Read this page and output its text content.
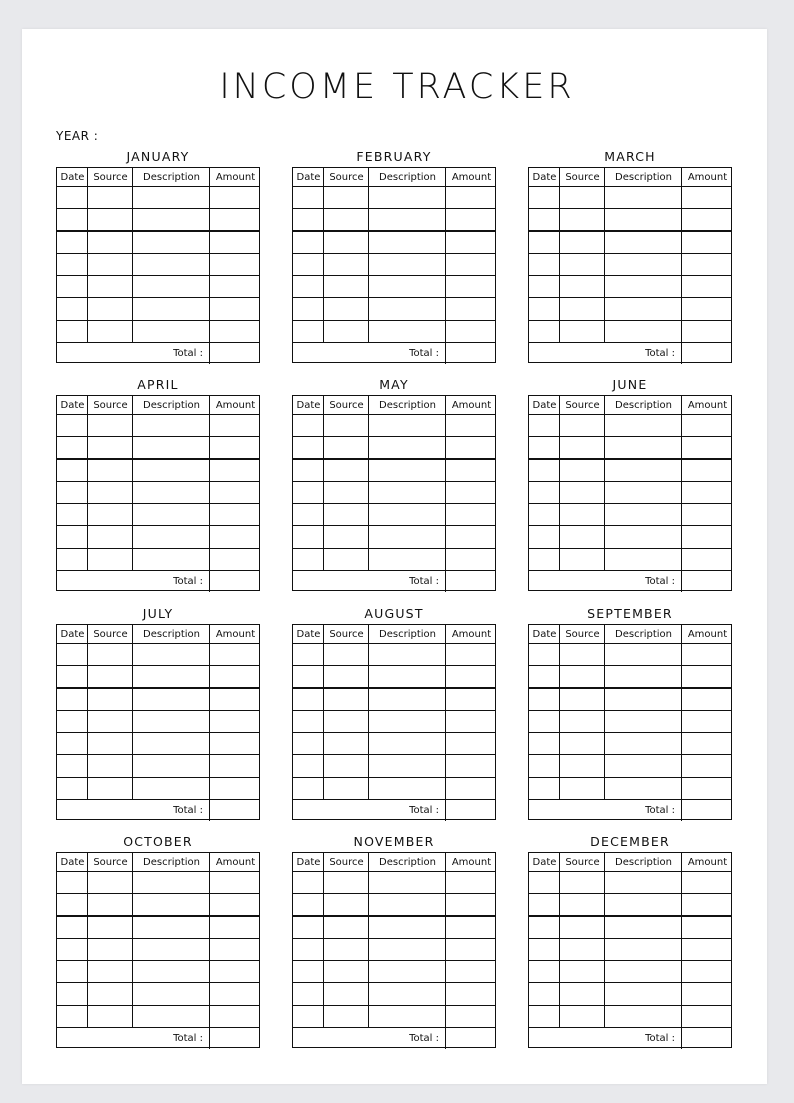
INCOME TRACKER
YEAR :
JANUARY
Date Source	Description	Amount
Total :
FEBRUARY
Date Source	Description	Amount
Total :
MARCH
Date Source	Description	Amount
Total :
APRIL
Date Source	Description	Amount
Total :
MAY
Date Source	Description	Amount
Total :
JUNE
Date Source	Description	Amount
Total :
JULY
Date Source	Description	Amount
Total :
AUGUST
Date Source	Description	Amount
Total :
SEPTEMBER
Date Source	Description	Amount
Total :
OCTOBER
Date Source	Description	Amount
Total :
NOVEMBER
Date Source	Description	Amount
Total :
DECEMBER
Date Source	Description	Amount
Total :
